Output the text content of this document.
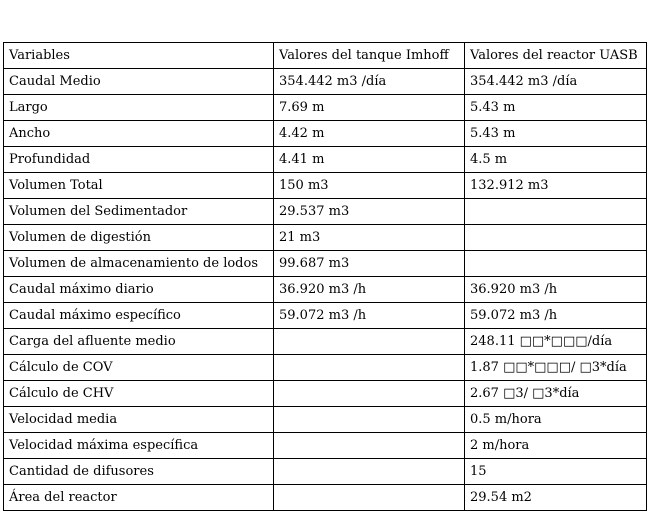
Variables	Valores del tanque Imhoff	Valores del reactor UASB
Caudal Medio	354.442 m3 /día	354.442 m3 /día
Largo	7.69 m	5.43 m
Ancho	4.42 m	5.43 m
Profundidad	4.41 m	4.5 m
Volumen Total	150 m3	132.912 m3
Volumen del Sedimentador	29.537 m3	
Volumen de digestión	21 m3	
Volumen de almacenamiento de lodos	99.687 m3	
Caudal máximo diario	36.920 m3 /h	36.920 m3 /h
Caudal máximo específico	59.072 m3 /h	59.072 m3 /h
Carga del afluente medio		248.11 □□*□□□/día
Cálculo de COV		1.87 □□*□□□/ □3*día
Cálculo de CHV		2.67 □3/ □3*día
Velocidad media		0.5 m/hora
Velocidad máxima específica		2 m/hora
Cantidad de difusores		15
Área del reactor		29.54 m2
